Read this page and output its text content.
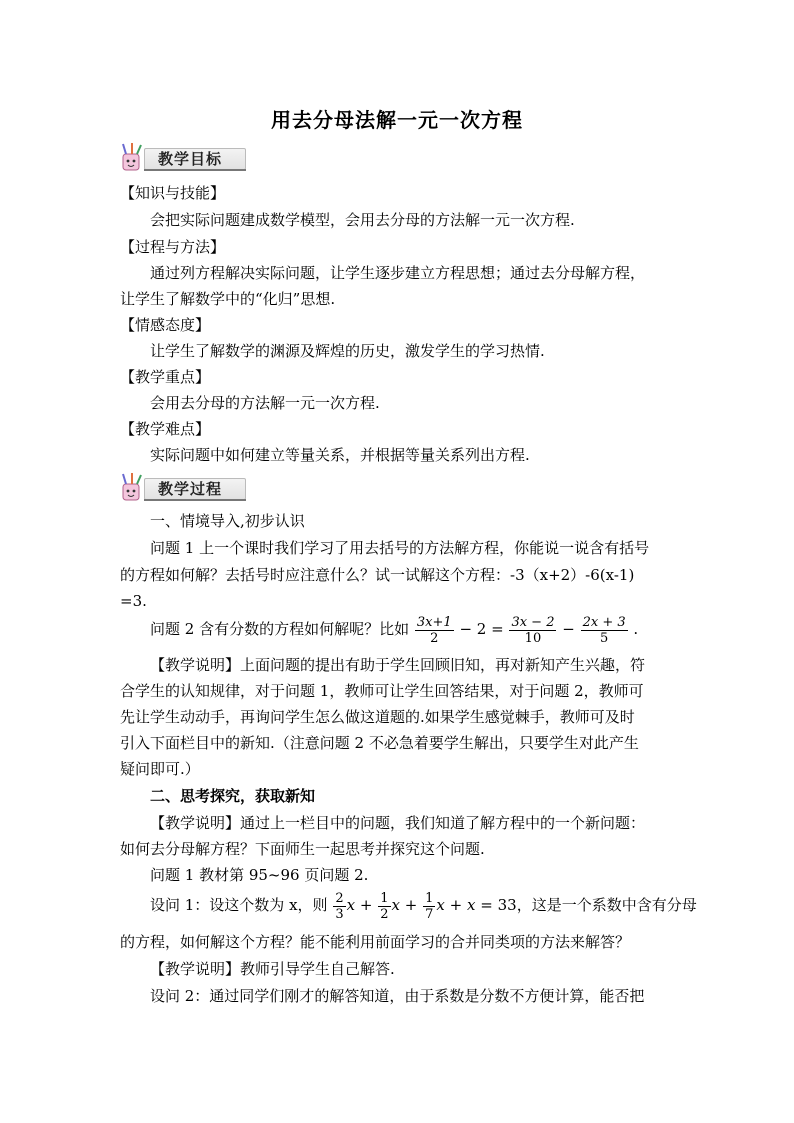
用去分母法解一元一次方程
教学目标
【知识与技能】
会把实际问题建成数学模型，会用去分母的方法解一元一次方程.
【过程与方法】
通过列方程解决实际问题，让学生逐步建立方程思想；通过去分母解方程，
让学生了解数学中的“化归”思想.
【情感态度】
让学生了解数学的渊源及辉煌的历史，激发学生的学习热情.
【教学重点】
会用去分母的方法解一元一次方程.
【教学难点】
实际问题中如何建立等量关系，并根据等量关系列出方程.
教学过程
一、情境导入,初步认识
问题 1 上一个课时我们学习了用去括号的方法解方程，你能说一说含有括号
的方程如何解？去括号时应注意什么？试一试解这个方程：-3（x+2）-6(x-1)
=3.
问题 2 含有分数的方程如何解呢？比如 $\frac{3x+1}{2} - 2 = \frac{3x - 2}{10} - \frac{2x + 3}{5}$ .
【教学说明】上面问题的提出有助于学生回顾旧知，再对新知产生兴趣，符
合学生的认知规律，对于问题 1，教师可让学生回答结果，对于问题 2，教师可
先让学生动动手，再询问学生怎么做这道题的.如果学生感觉棘手，教师可及时
引入下面栏目中的新知.（注意问题 2 不必急着要学生解出，只要学生对此产生
疑问即可.）
二、思考探究，获取新知
【教学说明】通过上一栏目中的问题，我们知道了解方程中的一个新问题：
如何去分母解方程？下面师生一起思考并探究这个问题.
问题 1 教材第 95~96 页问题 2.
设问 1：设这个数为 x，则 $\frac{2}{3}$ $x + \frac{1}{2}$ $x + \frac{1}{7}$ x + x = 33，这是一个系数中含有分母
的方程，如何解这个方程？能不能利用前面学习的合并同类项的方法来解答？
【教学说明】教师引导学生自己解答.
设问 2：通过同学们刚才的解答知道，由于系数是分数不方便计算，能否把
